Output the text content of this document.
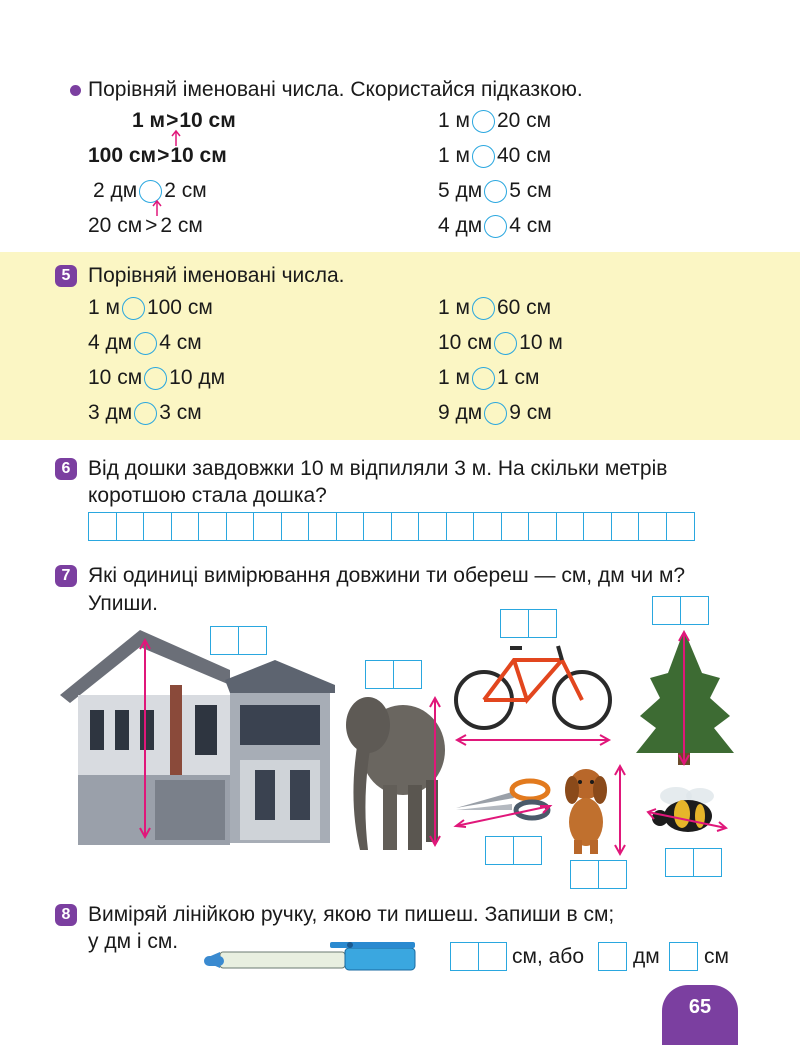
Порівняй іменовані числа. Скористайся підказкою.
1 м > 10 см
100 см > 10 см
2 дм 2 см
20 см > 2 см
1 м 20 см
1 м 40 см
5 дм 5 см
4 дм 4 см
5 Порівняй іменовані числа.
1 м 100 см
4 дм 4 см
10 см 10 дм
3 дм 3 см
1 м 60 см
10 см 10 м
1 м 1 см
9 дм 9 см
6 Від дошки завдовжки 10 м відпиляли 3 м. На скільки метрів
коротшою стала дошка?
7 Які одиниці вимірювання довжини ти обереш — см, дм чи м?
Упиши.
8 Виміряй лінійкою ручку, якою ти пишеш. Запиши в см;
у дм і см.
см, або дм см
65
